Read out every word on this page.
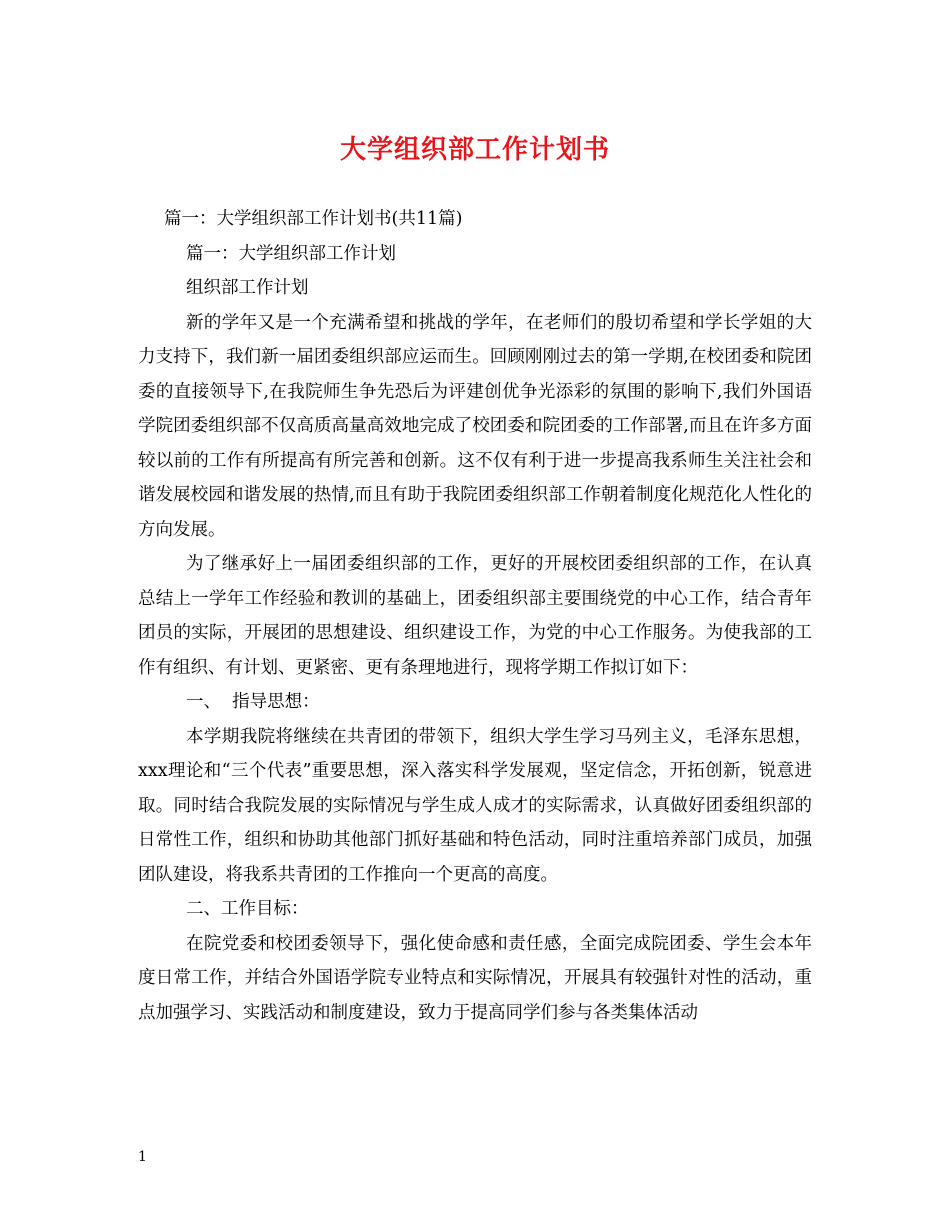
大学组织部工作计划书

篇一：大学组织部工作计划书(共11篇)

篇一：大学组织部工作计划

组织部工作计划

新的学年又是一个充满希望和挑战的学年，在老师们的殷切希望和学长学姐的大力支持下，我们新一届团委组织部应运而生。回顾刚刚过去的第一学期,在校团委和院团委的直接领导下,在我院师生争先恐后为评建创优争光添彩的氛围的影响下,我们外国语学院团委组织部不仅高质高量高效地完成了校团委和院团委的工作部署,而且在许多方面较以前的工作有所提高有所完善和创新。这不仅有利于进一步提高我系师生关注社会和谐发展校园和谐发展的热情,而且有助于我院团委组织部工作朝着制度化规范化人性化的方向发展。

为了继承好上一届团委组织部的工作，更好的开展校团委组织部的工作，在认真总结上一学年工作经验和教训的基础上，团委组织部主要围绕党的中心工作，结合青年团员的实际，开展团的思想建设、组织建设工作，为党的中心工作服务。为使我部的工作有组织、有计划、更紧密、更有条理地进行，现将学期工作拟订如下：

一、  指导思想：

本学期我院将继续在共青团的带领下，组织大学生学习马列主义，毛泽东思想，xxx理论和“三个代表”重要思想，深入落实科学发展观，坚定信念，开拓创新，锐意进取。同时结合我院发展的实际情况与学生成人成才的实际需求，认真做好团委组织部的日常性工作，组织和协助其他部门抓好基础和特色活动，同时注重培养部门成员，加强团队建设，将我系共青团的工作推向一个更高的高度。

二、工作目标：

在院党委和校团委领导下，强化使命感和责任感，全面完成院团委、学生会本年度日常工作，并结合外国语学院专业特点和实际情况，开展具有较强针对性的活动，重点加强学习、实践活动和制度建设，致力于提高同学们参与各类集体活动

1
